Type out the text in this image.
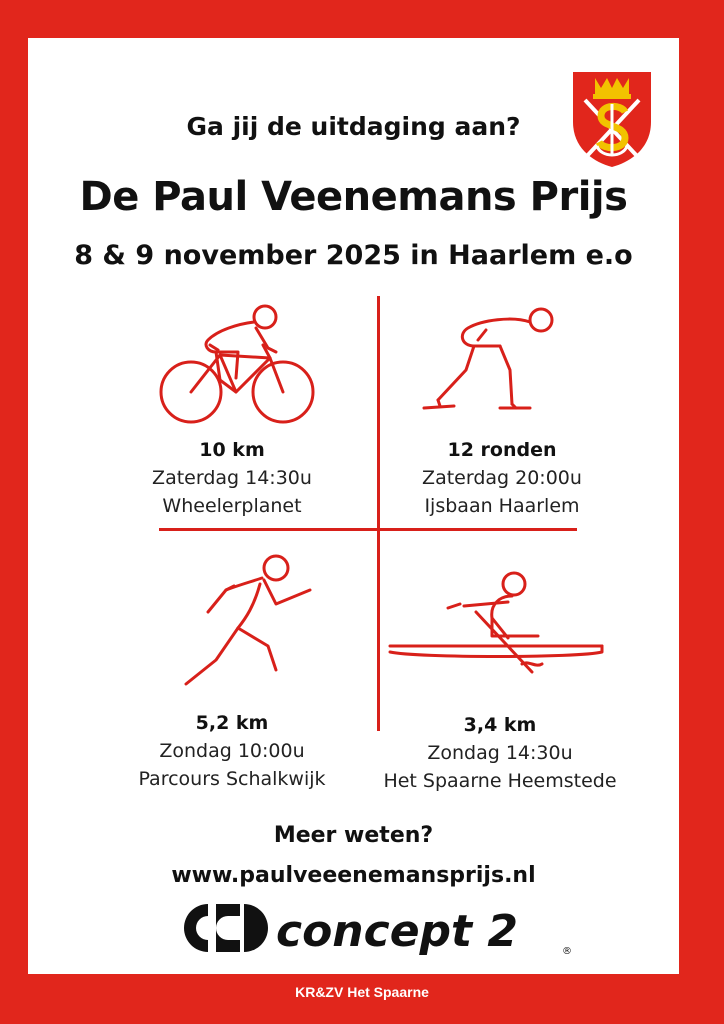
Ga jij de uitdaging aan?
De Paul Veenemans Prijs
8 & 9 november 2025 in Haarlem e.o
10 km
Zaterdag 14:30u
Wheelerplanet
12 ronden
Zaterdag 20:00u
Ijsbaan Haarlem
5,2 km
Zondag 10:00u
Parcours Schalkwijk
3,4 km
Zondag 14:30u
Het Spaarne Heemstede
Meer weten?
www.paulveeenemansprijs.nl
concept 2	®
KR&ZV Het Spaarne
